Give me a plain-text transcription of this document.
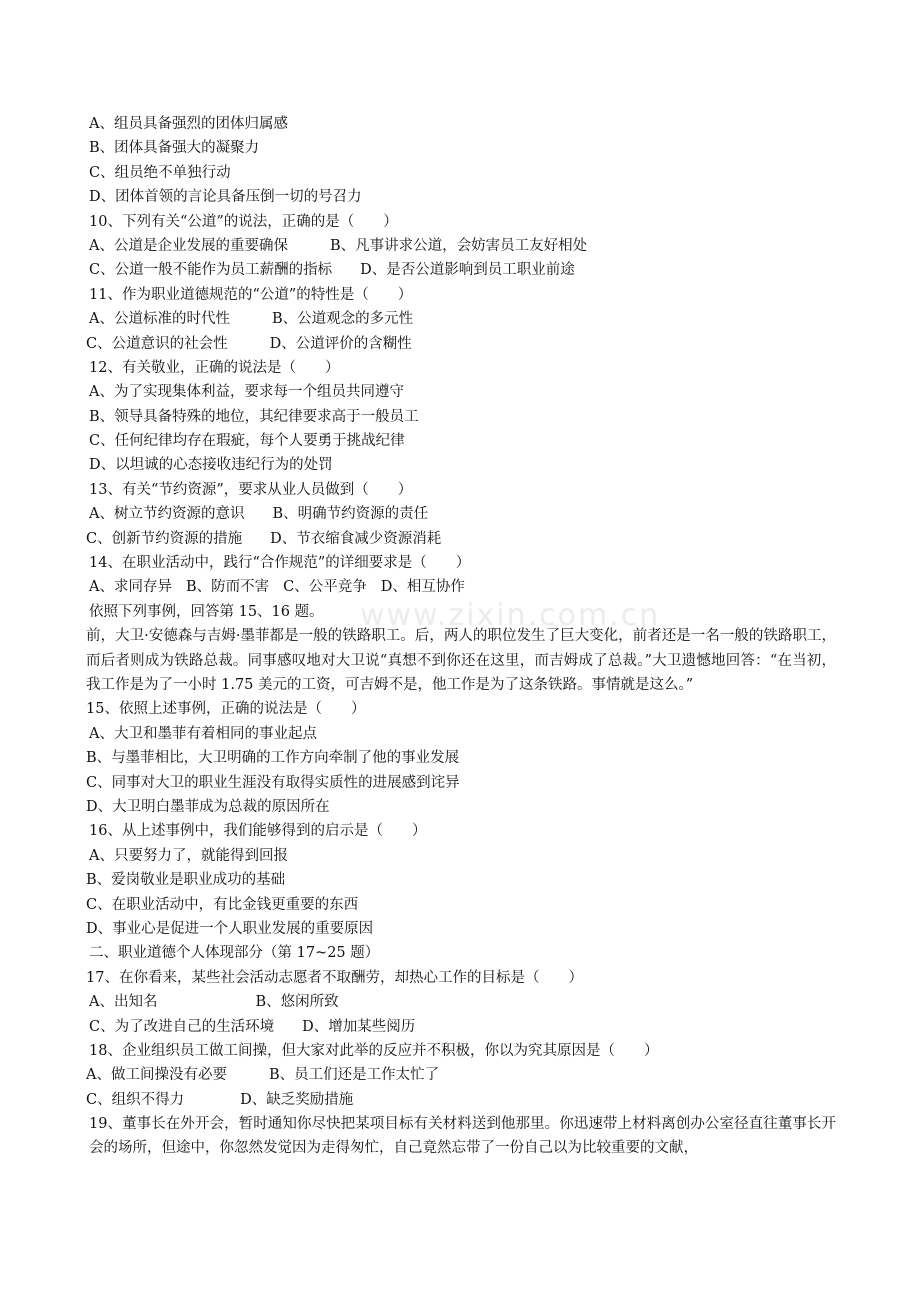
www.zixin.com.cn
A、组员具备强烈的团体归属感
B、团体具备强大的凝聚力
C、组员绝不单独行动
D、团体首领的言论具备压倒一切的号召力
10、下列有关“公道”的说法，正确的是（　　）
A、公道是企业发展的重要确保	B、凡事讲求公道，会妨害员工友好相处
C、公道一般不能作为员工薪酬的指标 D、是否公道影响到员工职业前途
11、作为职业道德规范的“公道”的特性是（　　）
A、公道标准的时代性	B、公道观念的多元性
C、公道意识的社会性	D、公道评价的含糊性
12、有关敬业，正确的说法是（　　）
A、为了实现集体利益，要求每一个组员共同遵守
B、领导具备特殊的地位，其纪律要求高于一般员工
C、任何纪律均存在瑕疵，每个人要勇于挑战纪律
D、以坦诚的心态接收违纪行为的处罚
13、有关“节约资源”，要求从业人员做到（　　）
A、树立节约资源的意识 B、明确节约资源的责任
C、创新节约资源的措施 D、节衣缩食减少资源消耗
14、在职业活动中，践行“合作规范”的详细要求是（　　）
A、求同存异 B、防而不害 C、公平竞争 D、相互协作
依照下列事例，回答第 15、16 题。
前，大卫·安德森与吉姆·墨菲都是一般的铁路职工。后，两人的职位发生了巨大变化，前者还是一名一般的铁路职工，而后者则成为铁路总裁。同事感叹地对大卫说“真想不到你还在这里，而吉姆成了总裁。”大卫遗憾地回答：“在当初，我工作是为了一小时 1.75 美元的工资，可吉姆不是，他工作是为了这条铁路。事情就是这么。”
15、依照上述事例，正确的说法是（　　）
A、大卫和墨菲有着相同的事业起点
B、与墨菲相比，大卫明确的工作方向牵制了他的事业发展
C、同事对大卫的职业生涯没有取得实质性的进展感到诧异
D、大卫明白墨菲成为总裁的原因所在
16、从上述事例中，我们能够得到的启示是（　　）
A、只要努力了，就能得到回报
B、爱岗敬业是职业成功的基础
C、在职业活动中，有比金钱更重要的东西
D、事业心是促进一个人职业发展的重要原因
二、职业道德个人体现部分（第 17~25 题）
17、在你看来，某些社会活动志愿者不取酬劳，却热心工作的目标是（　　）
A、出知名	B、悠闲所致
C、为了改进自己的生活环境 D、增加某些阅历
18、企业组织员工做工间操，但大家对此举的反应并不积极，你以为究其原因是（　　）
A、做工间操没有必要	B、员工们还是工作太忙了
C、组织不得力	D、缺乏奖励措施
19、董事长在外开会，暂时通知你尽快把某项目标有关材料送到他那里。你迅速带上材料离创办公室径直往董事长开会的场所，但途中，你忽然发觉因为走得匆忙，自己竟然忘带了一份自己以为比较重要的文献，
